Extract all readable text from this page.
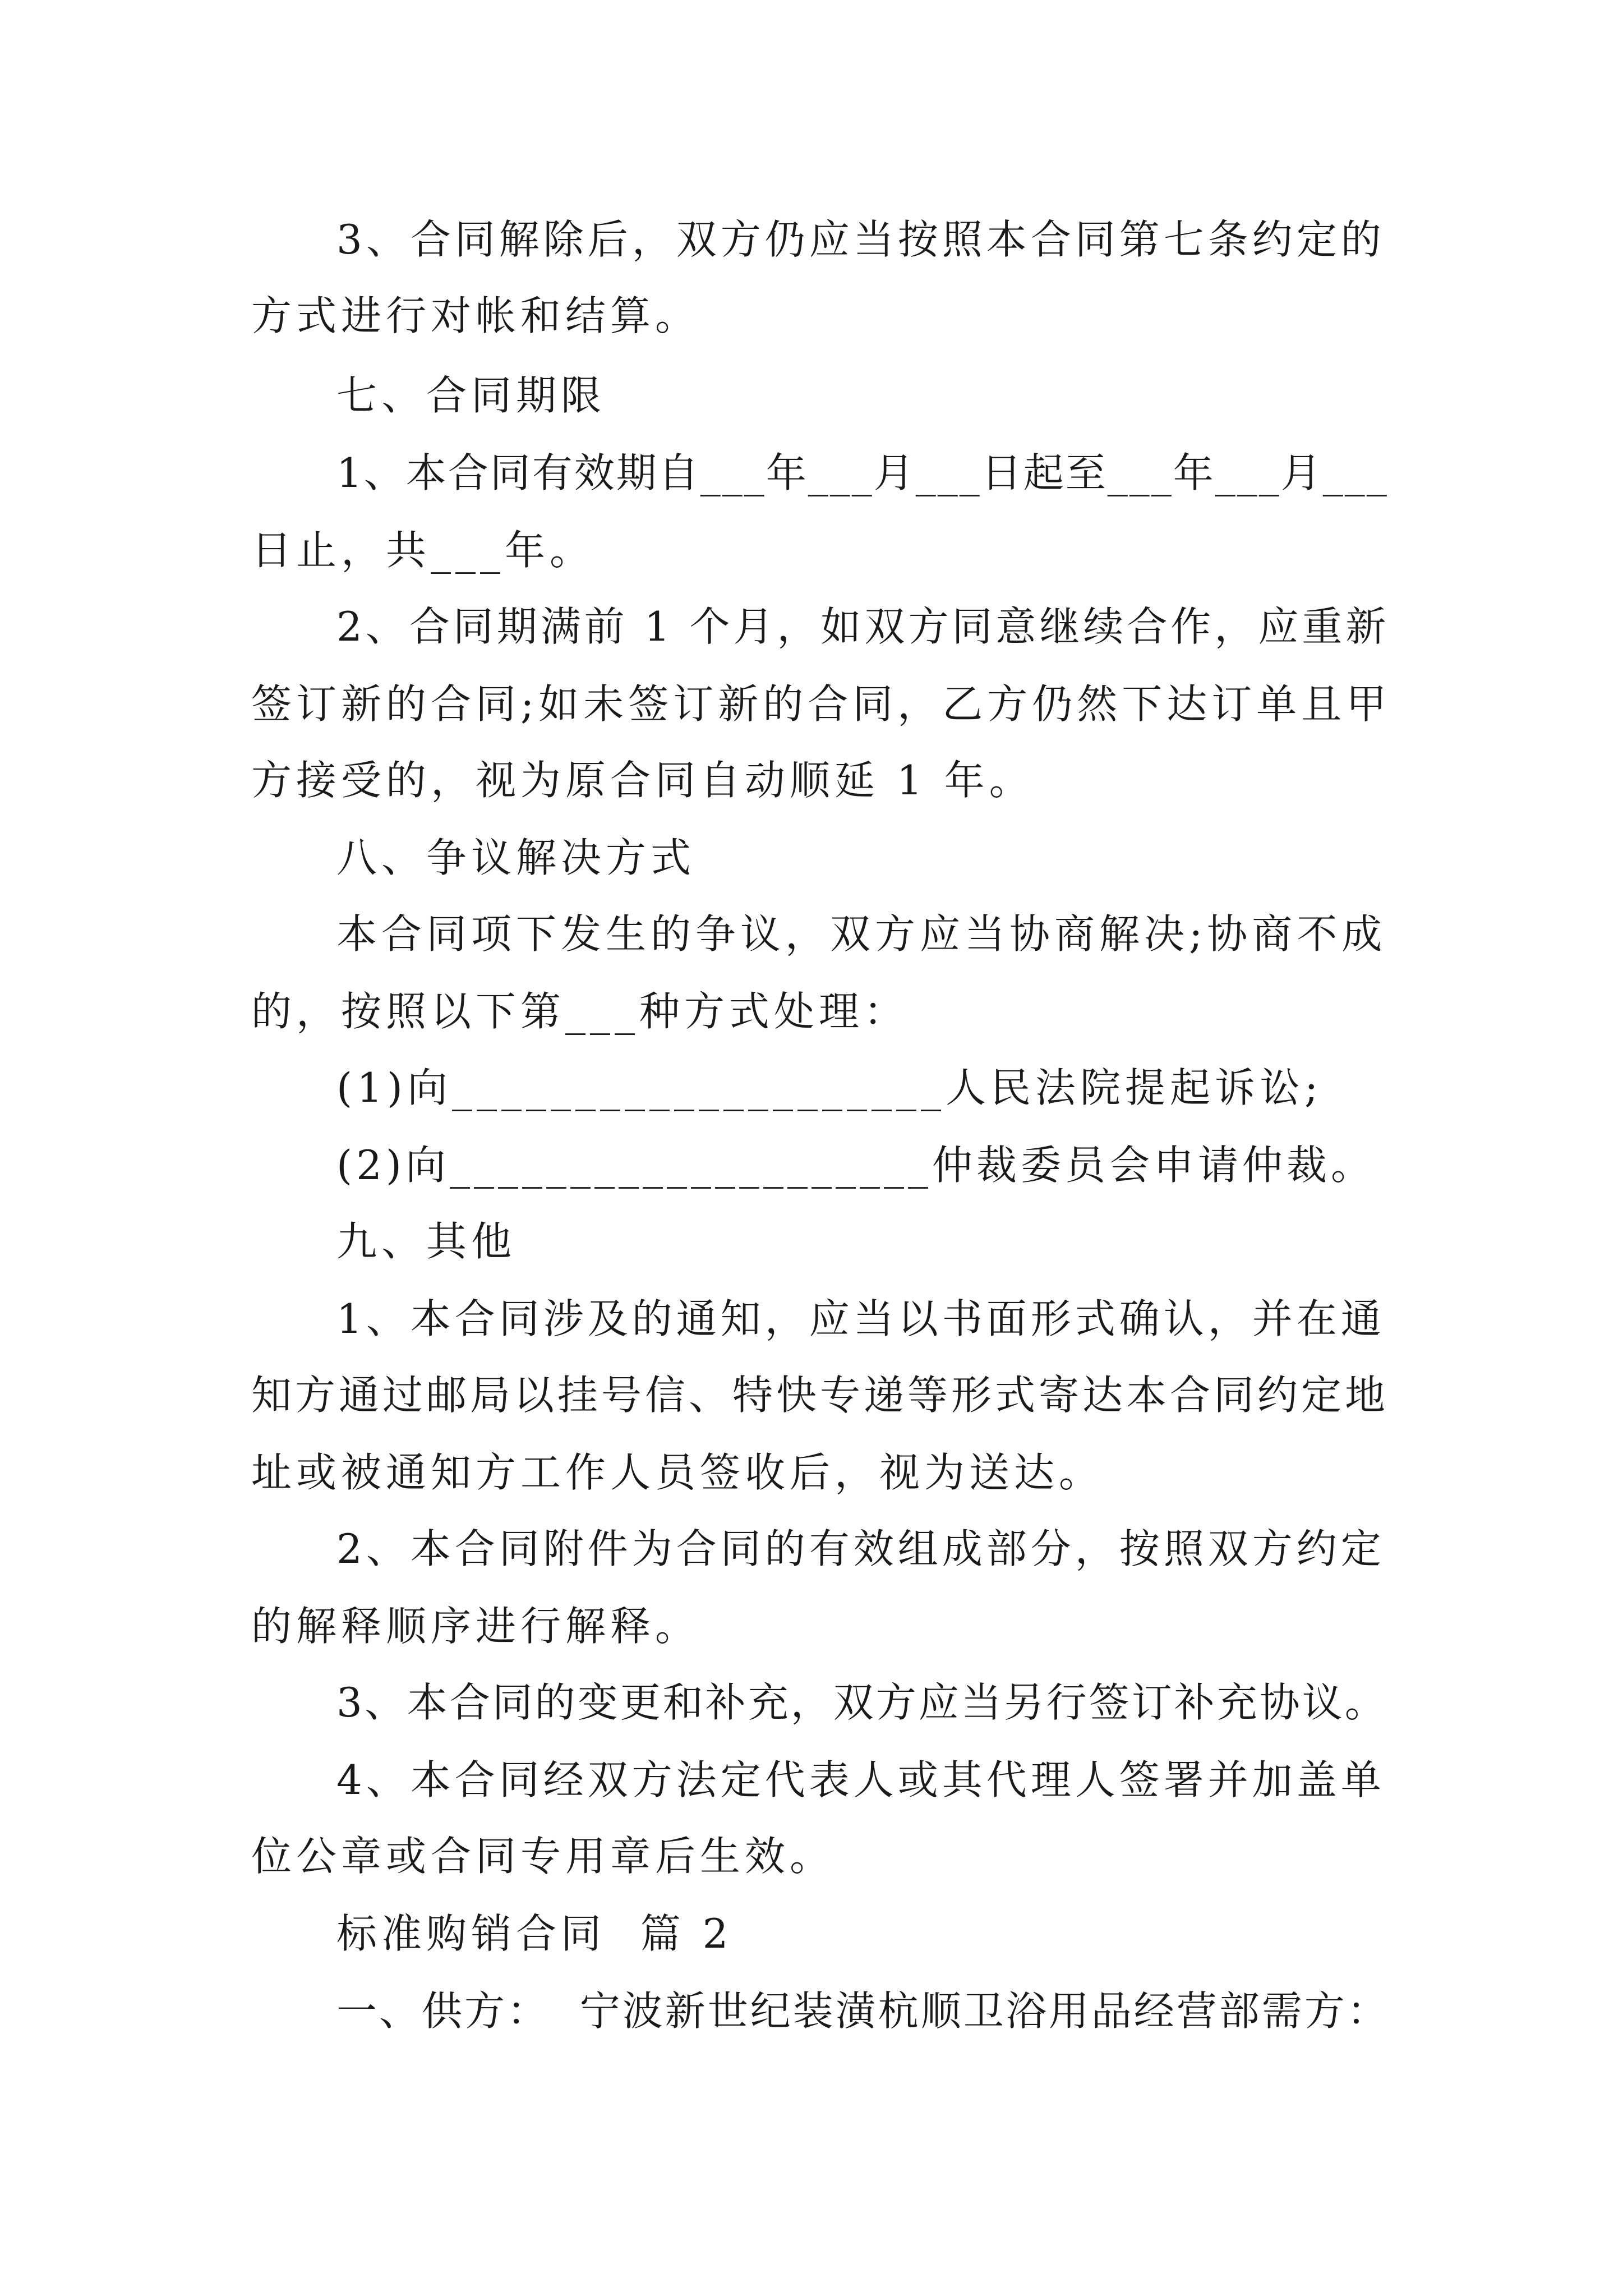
3、合同解除后，双方仍应当按照本合同第七条约定的

方式进行对帐和结算。

七、合同期限

1、本合同有效期自___年___月___日起至___年___月___

日止，共___年。

2、合同期满前 1 个月，如双方同意继续合作，应重新

签订新的合同;如未签订新的合同，乙方仍然下达订单且甲

方接受的，视为原合同自动顺延 1 年。

八、争议解决方式

本合同项下发生的争议，双方应当协商解决;协商不成

的，按照以下第___种方式处理：

(1)向____________________人民法院提起诉讼;

(2)向____________________仲裁委员会申请仲裁。

九、其他

1、本合同涉及的通知，应当以书面形式确认，并在通

知方通过邮局以挂号信、特快专递等形式寄达本合同约定地

址或被通知方工作人员签收后，视为送达。

2、本合同附件为合同的有效组成部分，按照双方约定

的解释顺序进行解释。

3、本合同的变更和补充，双方应当另行签订补充协议。

4、本合同经双方法定代表人或其代理人签署并加盖单

位公章或合同专用章后生效。

标准购销合同  篇 2

一、供方：  宁波新世纪装潢杭顺卫浴用品经营部需方：
